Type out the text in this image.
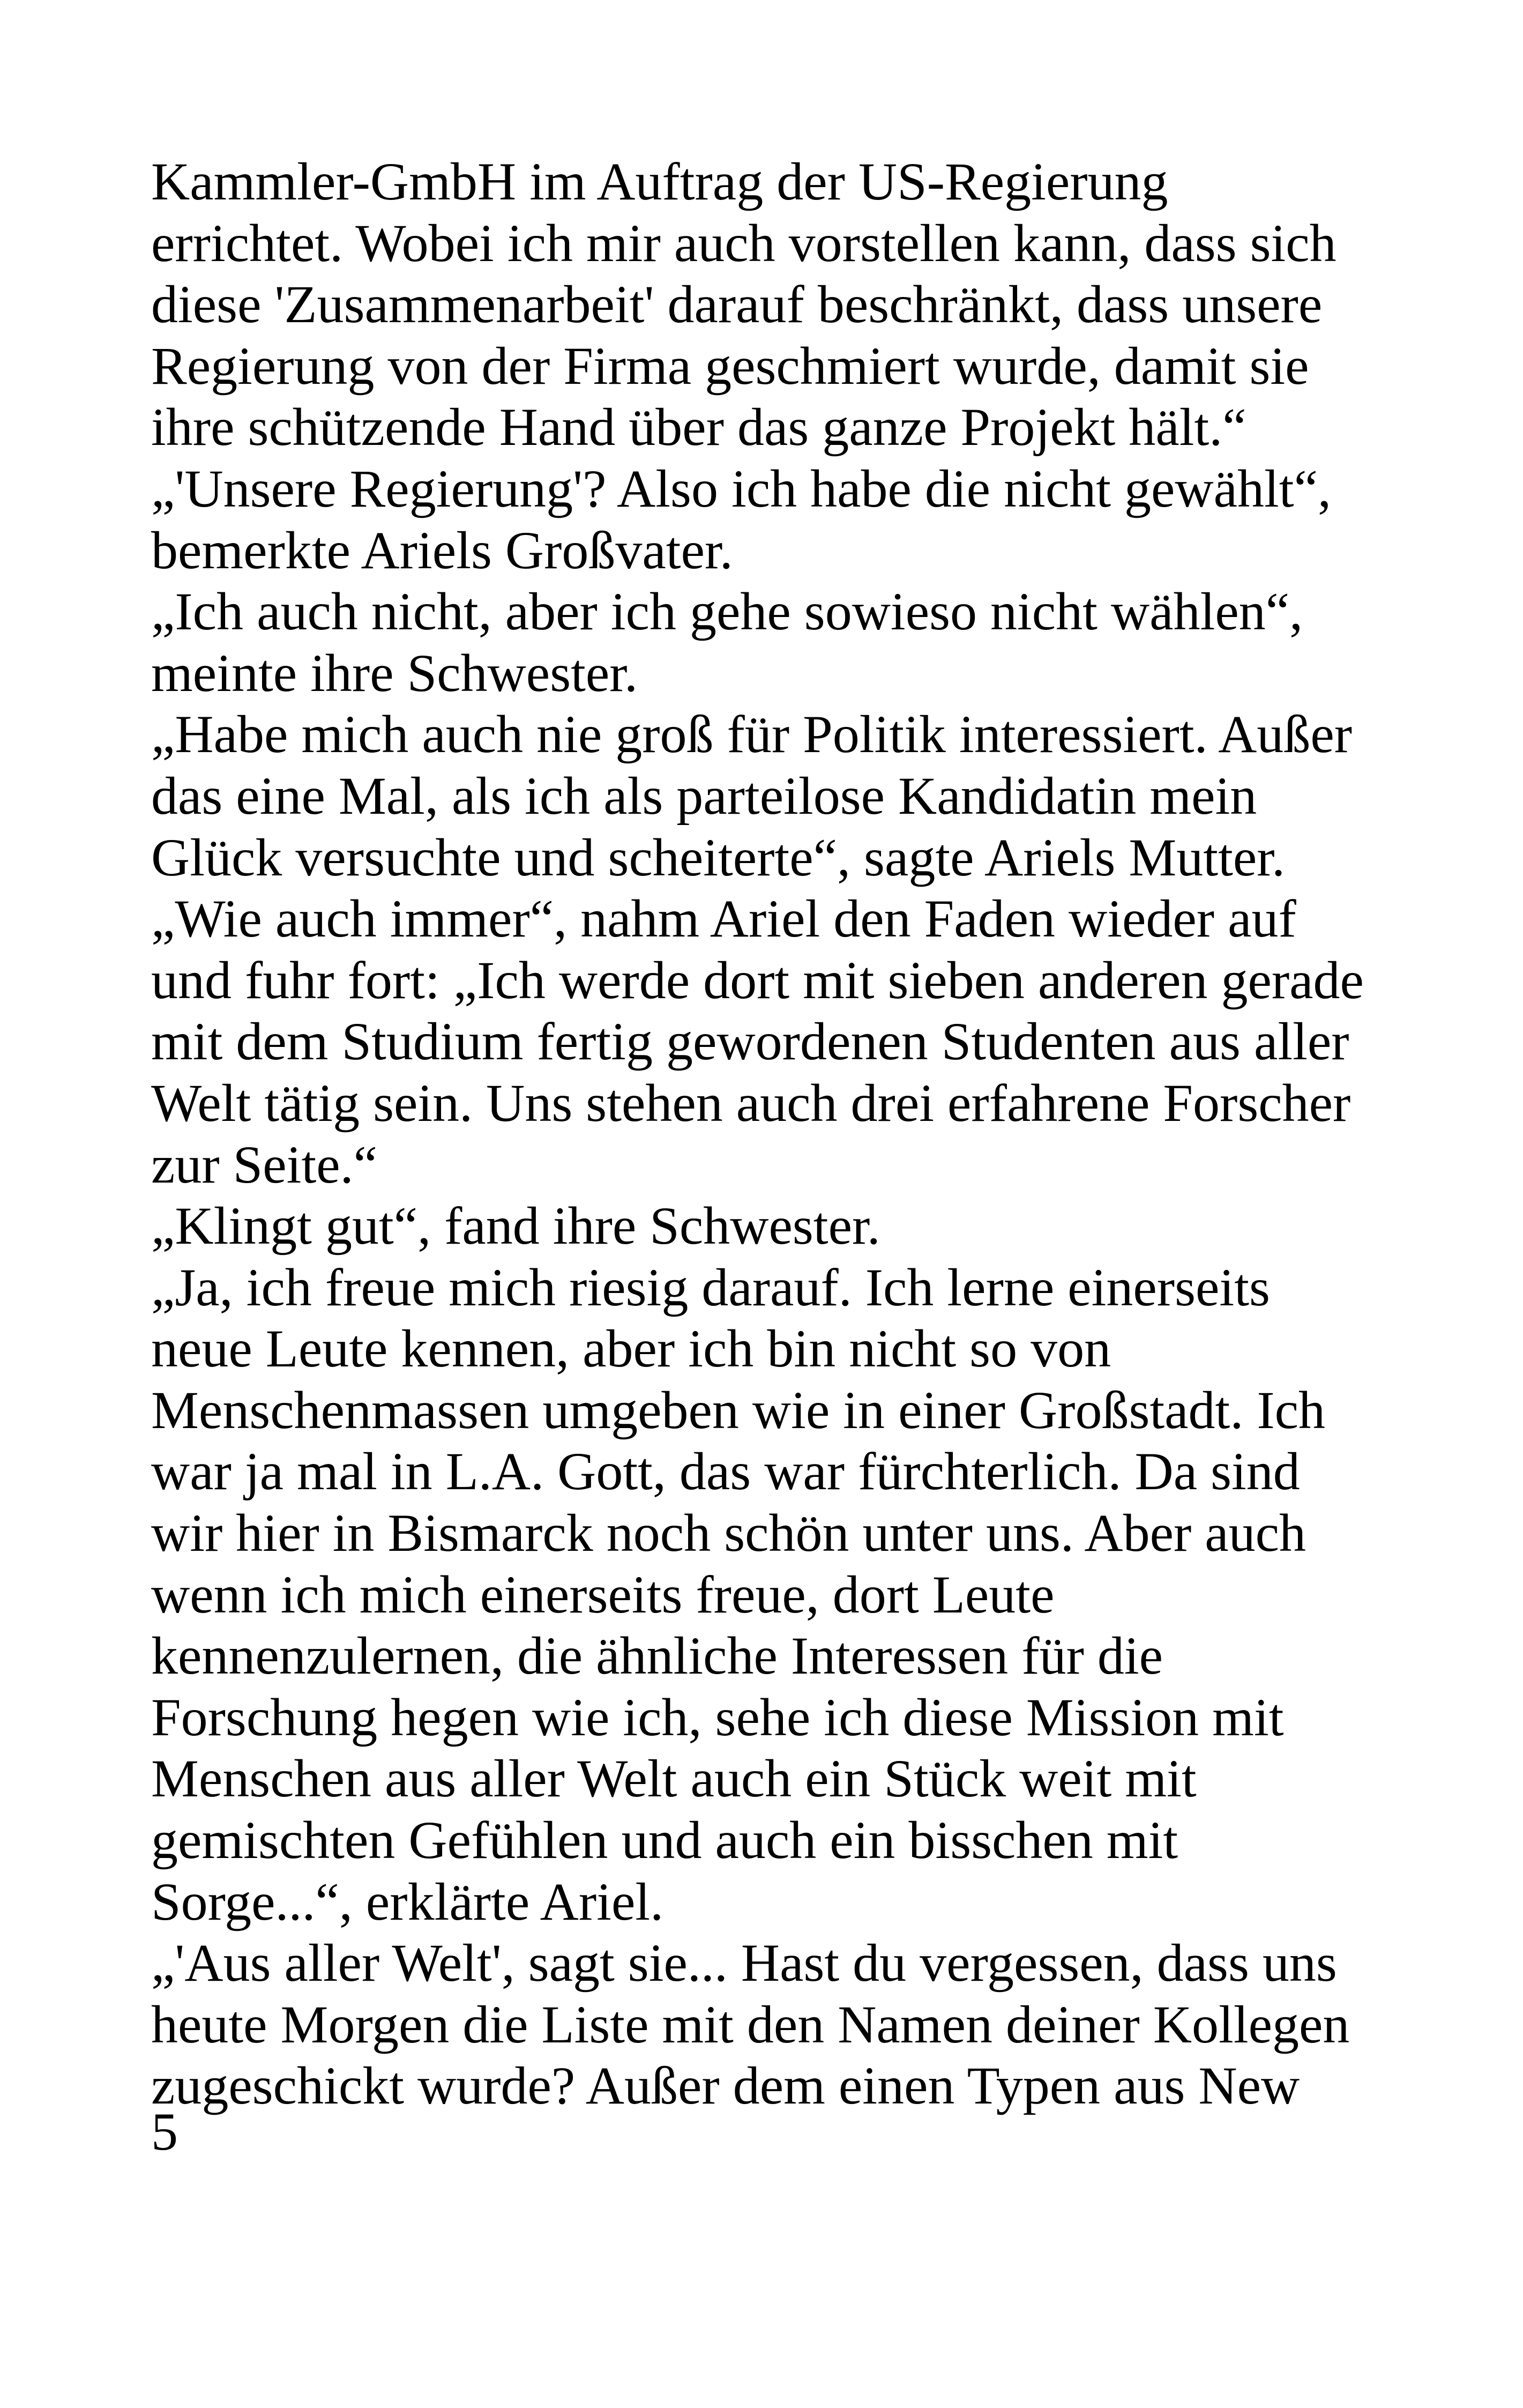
Kammler-GmbH im Auftrag der US-Regierung
errichtet. Wobei ich mir auch vorstellen kann, dass sich
diese 'Zusammenarbeit' darauf beschränkt, dass unsere
Regierung von der Firma geschmiert wurde, damit sie
ihre schützende Hand über das ganze Projekt hält.“
„'Unsere Regierung'? Also ich habe die nicht gewählt“,
bemerkte Ariels Großvater.
„Ich auch nicht, aber ich gehe sowieso nicht wählen“,
meinte ihre Schwester.
„Habe mich auch nie groß für Politik interessiert. Außer
das eine Mal, als ich als parteilose Kandidatin mein
Glück versuchte und scheiterte“, sagte Ariels Mutter.
„Wie auch immer“, nahm Ariel den Faden wieder auf
und fuhr fort: „Ich werde dort mit sieben anderen gerade
mit dem Studium fertig gewordenen Studenten aus aller
Welt tätig sein. Uns stehen auch drei erfahrene Forscher
zur Seite.“
„Klingt gut“, fand ihre Schwester.
„Ja, ich freue mich riesig darauf. Ich lerne einerseits
neue Leute kennen, aber ich bin nicht so von
Menschenmassen umgeben wie in einer Großstadt. Ich
war ja mal in L.A. Gott, das war fürchterlich. Da sind
wir hier in Bismarck noch schön unter uns. Aber auch
wenn ich mich einerseits freue, dort Leute
kennenzulernen, die ähnliche Interessen für die
Forschung hegen wie ich, sehe ich diese Mission mit
Menschen aus aller Welt auch ein Stück weit mit
gemischten Gefühlen und auch ein bisschen mit
Sorge...“, erklärte Ariel.
„'Aus aller Welt', sagt sie... Hast du vergessen, dass uns
heute Morgen die Liste mit den Namen deiner Kollegen
zugeschickt wurde? Außer dem einen Typen aus New
5
